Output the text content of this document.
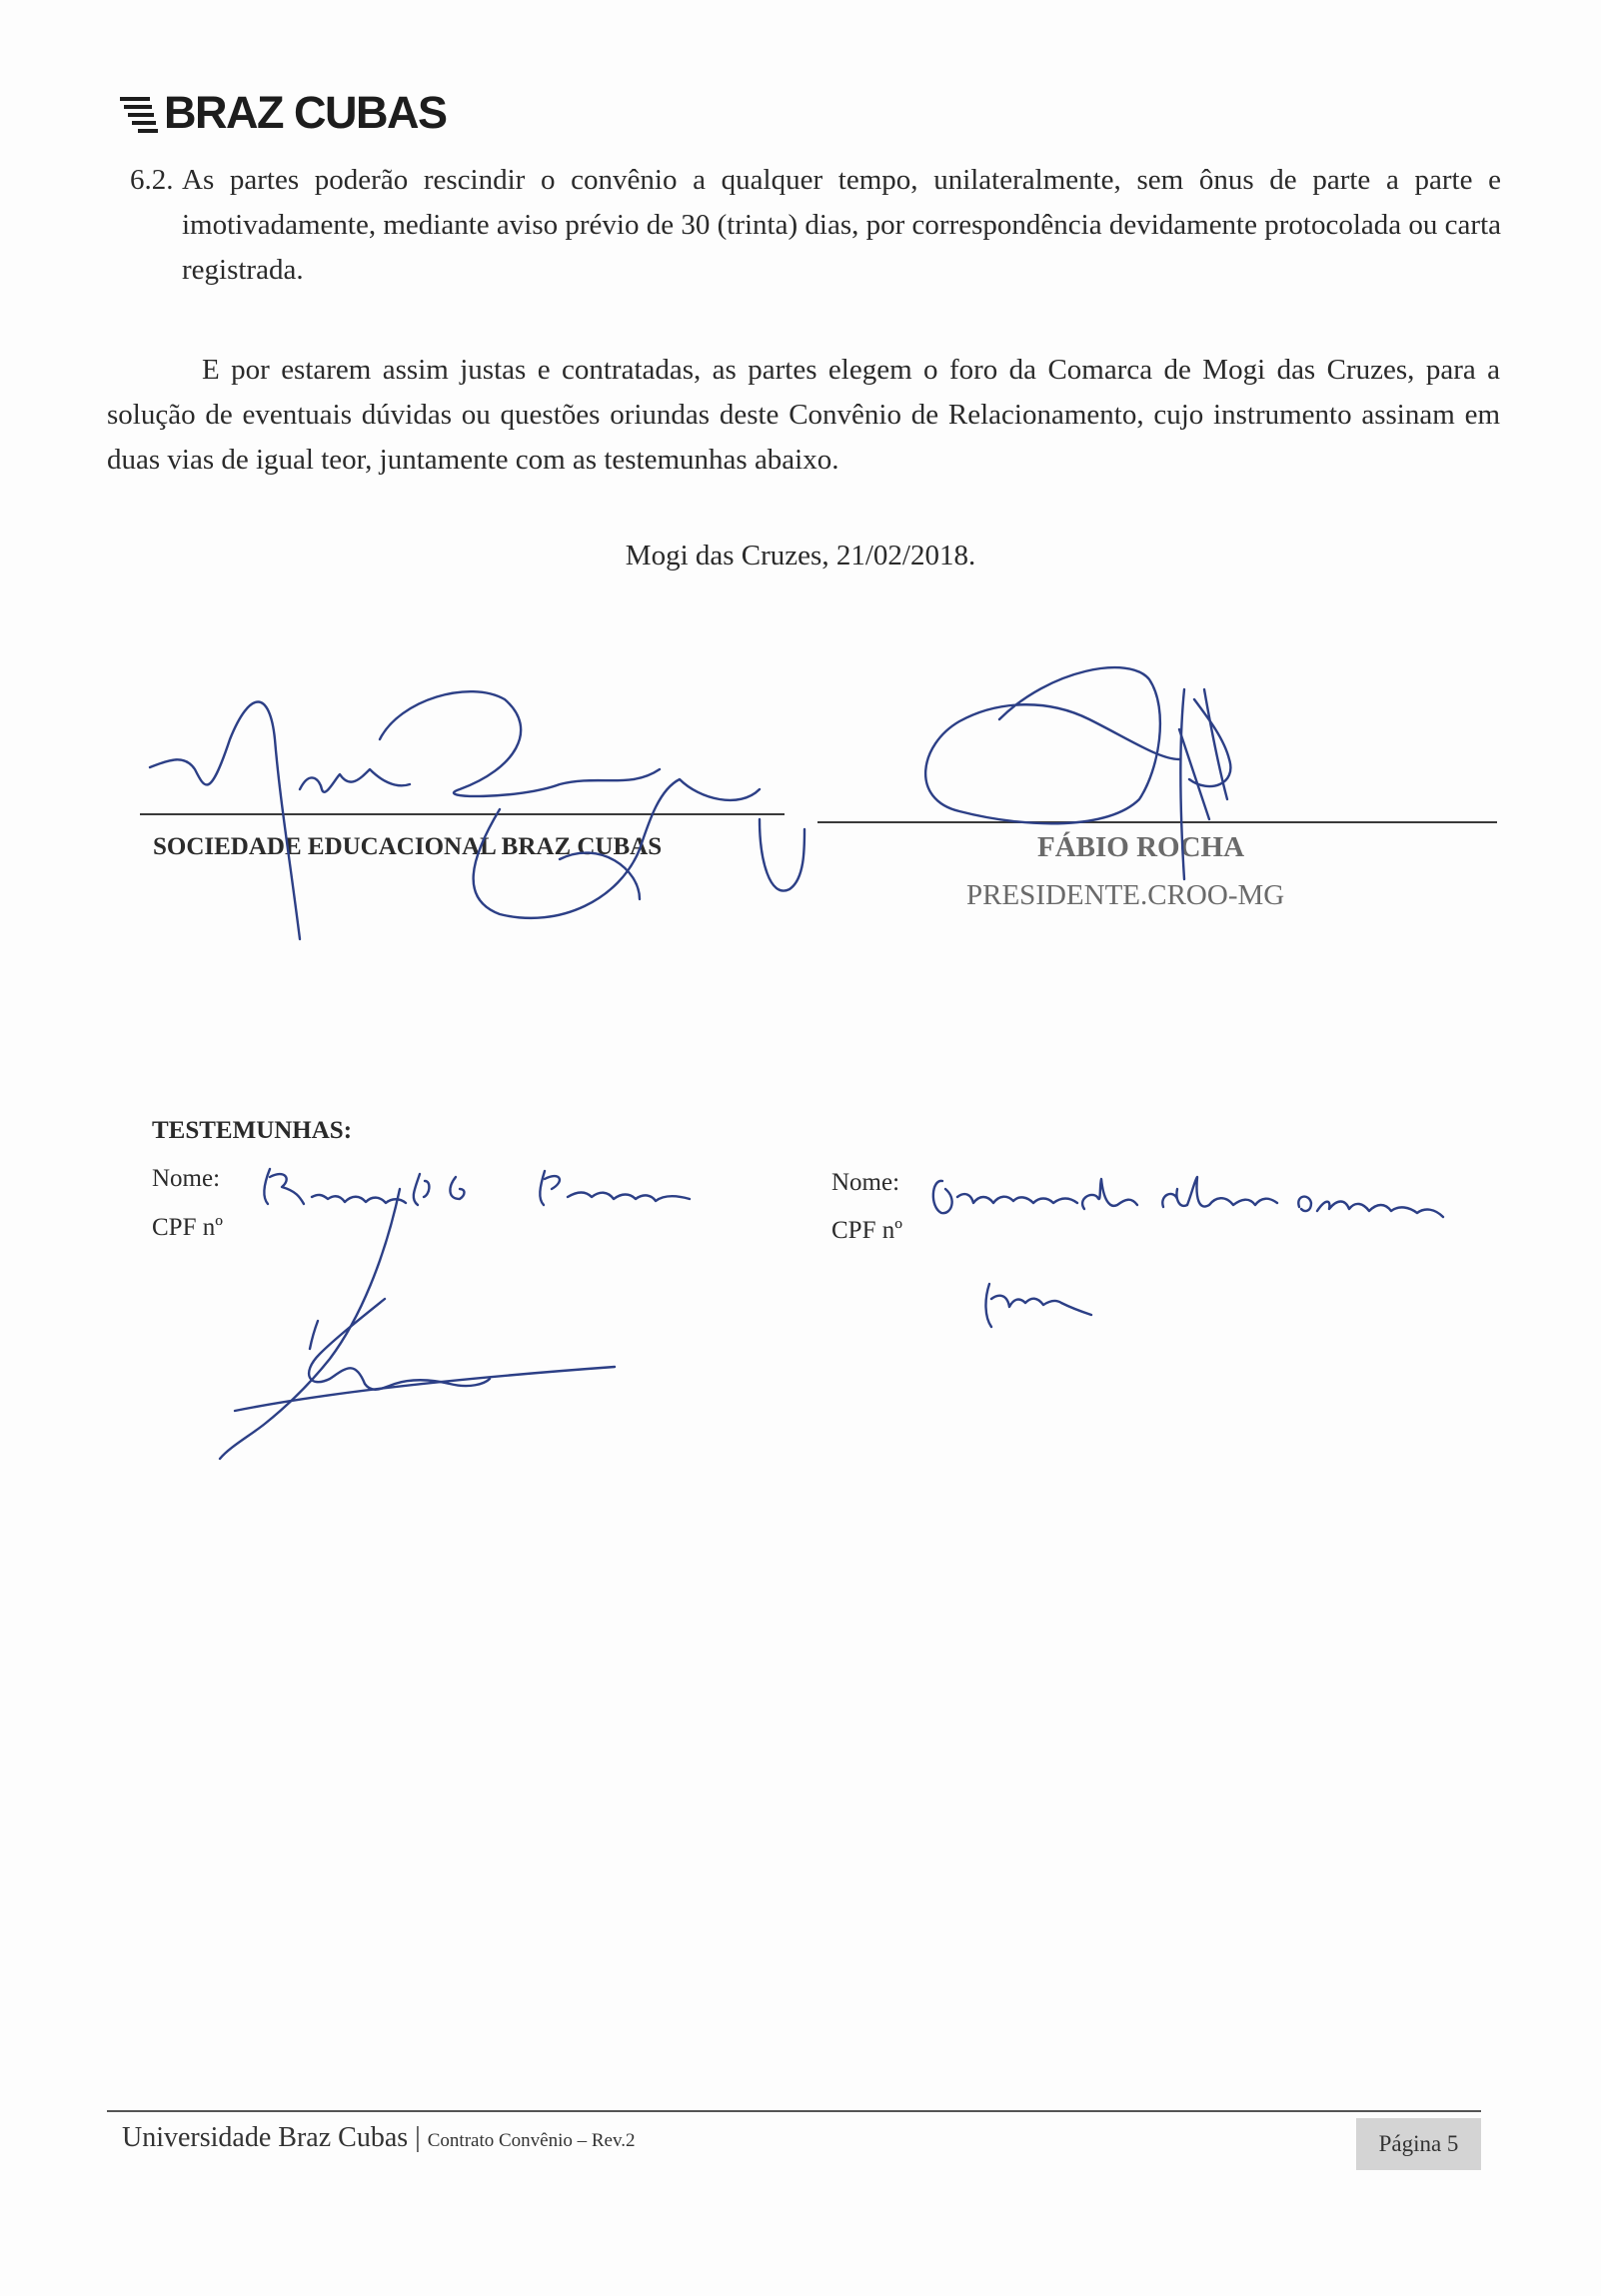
BRAZ CUBAS
6.2. As partes poderão rescindir o convênio a qualquer tempo, unilateralmente, sem ônus de parte a parte e imotivadamente, mediante aviso prévio de 30 (trinta) dias, por correspondência devidamente protocolada ou carta registrada.
E por estarem assim justas e contratadas, as partes elegem o foro da Comarca de Mogi das Cruzes, para a solução de eventuais dúvidas ou questões oriundas deste Convênio de Relacionamento, cujo instrumento assinam em duas vias de igual teor, juntamente com as testemunhas abaixo.
Mogi das Cruzes, 21/02/2018.
SOCIEDADE EDUCACIONAL BRAZ CUBAS	FÁBIO ROCHA
PRESIDENTE.CROO-MG
TESTEMUNHAS:
Nome:
CPF nº
Nome:
CPF nº
Universidade Braz Cubas | Contrato Convênio – Rev.2	Página 5
